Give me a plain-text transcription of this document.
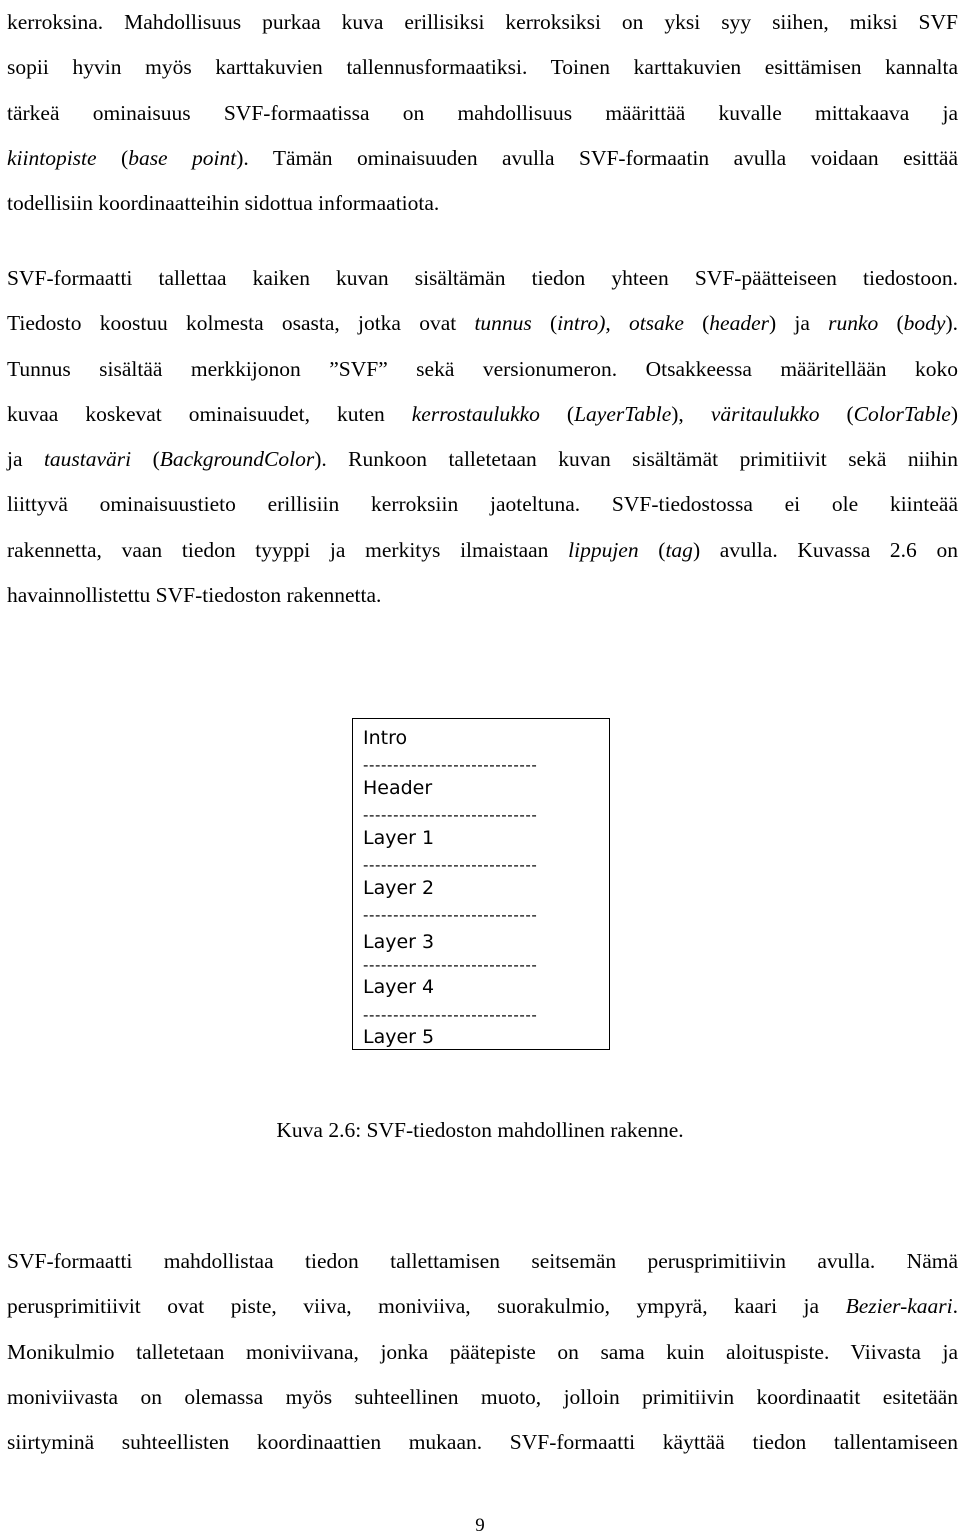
kerroksina. Mahdollisuus purkaa kuva erillisiksi kerroksiksi on yksi syy siihen, miksi SVF
sopii hyvin myös karttakuvien tallennusformaatiksi. Toinen karttakuvien esittämisen kannalta
tärkeä ominaisuus SVF-formaatissa on mahdollisuus määrittää kuvalle mittakaava ja
kiintopiste (base point). Tämän ominaisuuden avulla SVF-formaatin avulla voidaan esittää
todellisiin koordinaatteihin sidottua informaatiota.
SVF-formaatti tallettaa kaiken kuvan sisältämän tiedon yhteen SVF-päätteiseen tiedostoon.
Tiedosto koostuu kolmesta osasta, jotka ovat tunnus (intro), otsake (header) ja runko (body).
Tunnus sisältää merkkijonon ”SVF” sekä versionumeron. Otsakkeessa määritellään koko
kuvaa koskevat ominaisuudet, kuten kerrostaulukko (LayerTable), väritaulukko (ColorTable)
ja taustaväri (BackgroundColor). Runkoon talletetaan kuvan sisältämät primitiivit sekä niihin
liittyvä ominaisuustieto erillisiin kerroksiin jaoteltuna. SVF-tiedostossa ei ole kiinteää
rakennetta, vaan tiedon tyyppi ja merkitys ilmaistaan lippujen (tag) avulla. Kuvassa 2.6 on
havainnollistettu SVF-tiedoston rakennetta.
Intro
-----------------------------
Header
-----------------------------
Layer 1
-----------------------------
Layer 2
-----------------------------
Layer 3
-----------------------------
Layer 4
-----------------------------
Layer 5
Kuva 2.6: SVF-tiedoston mahdollinen rakenne.
SVF-formaatti mahdollistaa tiedon tallettamisen seitsemän perusprimitiivin avulla. Nämä
perusprimitiivit ovat piste, viiva, moniviiva, suorakulmio, ympyrä, kaari ja Bezier-kaari.
Monikulmio talletetaan moniviivana, jonka päätepiste on sama kuin aloituspiste. Viivasta ja
moniviivasta on olemassa myös suhteellinen muoto, jolloin primitiivin koordinaatit esitetään
siirtyminä suhteellisten koordinaattien mukaan. SVF-formaatti käyttää tiedon tallentamiseen
9
